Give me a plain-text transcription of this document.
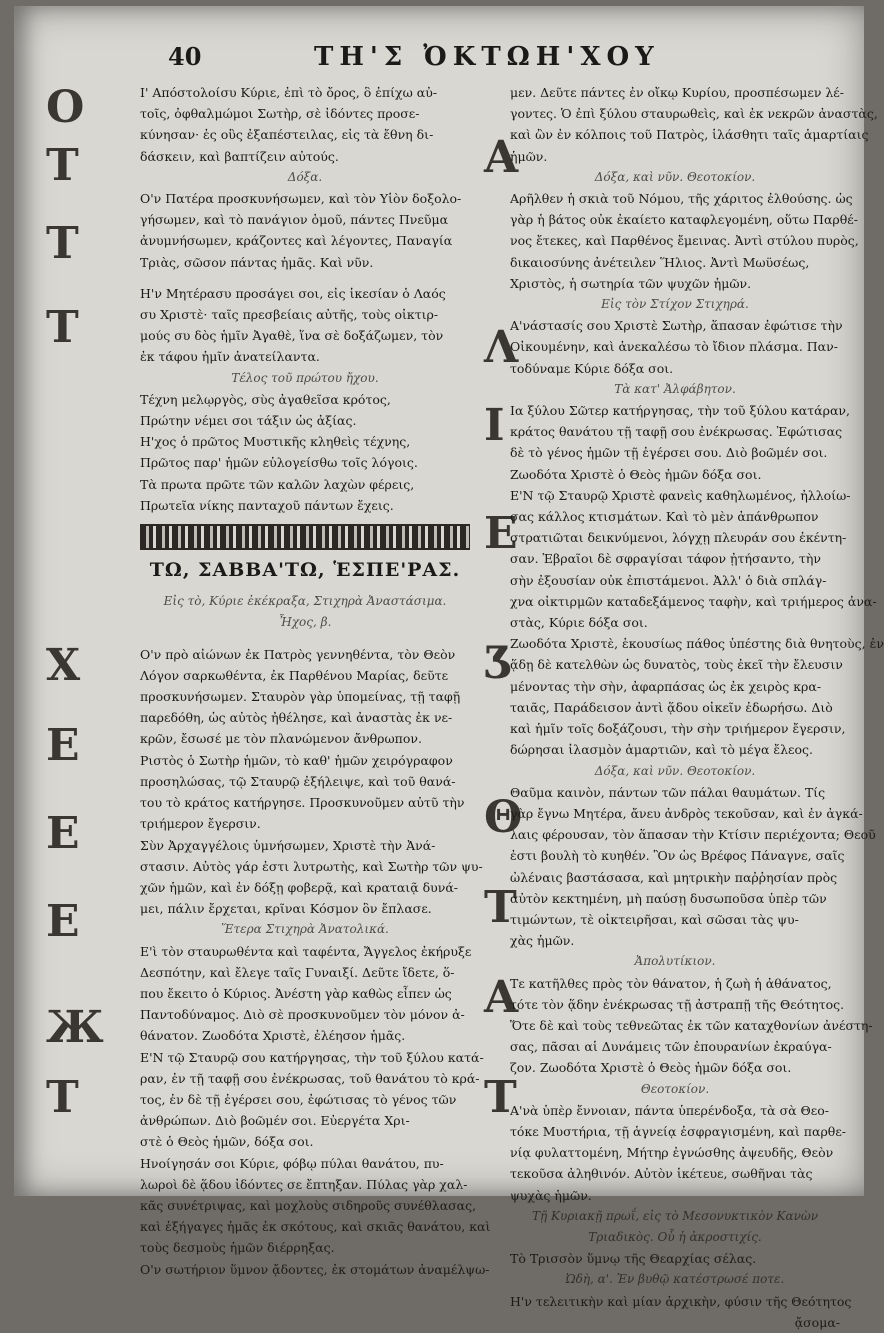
40	ΤΗ'Σ ὈΚΤΩΗ'ΧΟΥ
Ο
Τ
Τ
Τ
Χ
Ε
Ε
Ε
Ж
Τ
Α
Λ
Ι
Ε
Ʒ
Θ
Τ
Α
Τ
Ι' Απόστολοίσυ Κύριε, ἐπὶ τὸ ὄρος, ὃ ἐπίχω αὐ-
τοῖς, ὀφθαλμώμοι Σωτὴρ, σὲ ἰδόντες προσε-
κύνησαν· ἐς οὓς ἐξαπέστειλας, εἰς τὰ ἔθνη δι-
δάσκειν, καὶ βαπτίζειν αὐτούς.
Δόξα.
Ο'ν Πατέρα προσκυνήσωμεν, καὶ τὸν Υἱὸν δοξολο-
γήσωμεν, καὶ τὸ πανάγιον ὁμοῦ, πάντες Πνεῦμα
ἀνυμνήσωμεν, κράζοντες καὶ λέγοντες, Παναγία
Τριὰς, σῶσον πάντας ἡμᾶς. Καὶ νῦν.
Η'ν Μητέρασυ προσάγει σοι, εἰς ἱκεσίαν ὁ Λαός
συ Χριστὲ· ταῖς πρεσβείαις αὐτῆς, τοὺς οἰκτιρ-
μούς συ δὸς ἡμῖν Ἀγαθὲ, ἵνα σὲ δοξάζωμεν, τὸν
ἐκ τάφου ἡμῖν ἀνατείλαντα.
Τέλος τοῦ πρώτου ἤχου.
Τέχνη μελῳργὸς, σὺς ἀγαθεῖσα κρότος,
Πρώτην νέμει σοι τάξιν ὡς ἀξίας.
Η'χος ὁ πρῶτος Μυστικῆς κληθεὶς τέχνης,
Πρῶτος παρ' ἡμῶν εὐλογείσθω τοῖς λόγοις.
Τὰ πρωτα πρῶτε τῶν καλῶν λαχὼν φέρεις,
Πρωτεῖα νίκης πανταχοῦ πάντων ἔχεις.
ΤΩ, ΣΑΒΒΑ'ΤΩ, ἙΣΠΕ'ΡΑΣ.
Εἰς τὸ, Κύριε ἐκέκραξα, Στιχηρὰ Ἀναστάσιμα.
Ἦχος, β.
Ο'ν πρὸ αἰώνων ἐκ Πατρὸς γεννηθέντα, τὸν Θεὸν
Λόγον σαρκωθέντα, ἐκ Παρθένου Μαρίας, δεῦτε
προσκυνήσωμεν. Σταυρὸν γὰρ ὑπομείνας, τῇ ταφῇ
παρεδόθη, ὡς αὐτὸς ἠθέλησε, καὶ ἀναστὰς ἐκ νε-
κρῶν, ἔσωσέ με τὸν πλανώμενον ἄνθρωπον.
Ριστὸς ὁ Σωτὴρ ἡμῶν, τὸ καθ' ἡμῶν χειρόγραφον
προσηλώσας, τῷ Σταυρῷ ἐξήλειψε, καὶ τοῦ θανά-
του τὸ κράτος κατήργησε. Προσκυνοῦμεν αὐτῦ τὴν
τριήμερον ἔγερσιν.
Σὺν Ἀρχαγγέλοις ὑμνήσωμεν, Χριστὲ τὴν Ἀνά-
στασιν. Αὐτὸς γάρ ἐστι λυτρωτὴς, καὶ Σωτὴρ τῶν ψυ-
χῶν ἡμῶν, καὶ ἐν δόξῃ φοβερᾷ, καὶ κραταιᾷ δυνά-
μει, πάλιν ἔρχεται, κρῖναι Κόσμον ὃν ἔπλασε.
Ἕτερα Στιχηρὰ Ἀνατολικά.
Ε'ὶ τὸν σταυρωθέντα καὶ ταφέντα, Ἄγγελος ἐκήρυξε
Δεσπότην, καὶ ἔλεγε ταῖς Γυναιξί. Δεῦτε ἴδετε, ὅ-
που ἔκειτο ὁ Κύριος. Ἀνέστη γὰρ καθὼς εἶπεν ὡς
Παντοδύναμος. Διὸ σὲ προσκυνοῦμεν τὸν μόνον ἀ-
θάνατον. Ζωοδότα Χριστὲ, ἐλέησον ἡμᾶς.
Ε'Ν τῷ Σταυρῷ σου κατήργησας, τὴν τοῦ ξύλου κατά-
ραν, ἐν τῇ ταφῇ σου ἐνέκρωσας, τοῦ θανάτου τὸ κρά-
τος, ἐν δὲ τῇ ἐγέρσει σου, ἐφώτισας τὸ γένος τῶν
ἀνθρώπων. Διὸ βοῶμέν σοι. Εὐεργέτα Χρι-
στὲ ὁ Θεὸς ἡμῶν, δόξα σοι.
Ηνοίγησάν σοι Κύριε, φόβῳ πύλαι θανάτου, πυ-
λωροὶ δὲ ᾅδου ἰδόντες σε ἔπτηξαν. Πύλας γὰρ χαλ-
κᾶς συνέτριψας, καὶ μοχλοὺς σιδηροῦς συνέθλασας,
καὶ ἐξήγαγες ἡμᾶς ἐκ σκότους, καὶ σκιᾶς θανάτου, καὶ
τοὺς δεσμοὺς ἡμῶν διέρρηξας.
Ο'ν σωτήριον ὕμνον ᾄδοντες, ἐκ στομάτων ἀναμέλψω-
μεν. Δεῦτε πάντες ἐν οἴκῳ Κυρίου, προσπέσωμεν λέ-
γοντες. Ὁ ἐπὶ ξύλου σταυρωθεὶς, καὶ ἐκ νεκρῶν ἀναστὰς,
καὶ ὢν ἐν κόλποις τοῦ Πατρὸς, ἱλάσθητι ταῖς ἁμαρτίαις
ἡμῶν.
Δόξα, καὶ νῦν. Θεοτοκίον.
Αρῆλθεν ἡ σκιὰ τοῦ Νόμου, τῆς χάριτος ἐλθούσης. ὡς
γὰρ ἡ βάτος οὐκ ἐκαίετο καταφλεγομένη, οὕτω Παρθέ-
νος ἔτεκες, καὶ Παρθένος ἔμεινας. Ἀντὶ στύλου πυρὸς,
δικαιοσύνης ἀνέτειλεν Ἥλιος. Ἀντὶ Μωϋσέως,
Χριστὸς, ἡ σωτηρία τῶν ψυχῶν ἡμῶν.
Εἰς τὸν Στίχον Στιχηρά.
Α'νάστασίς σου Χριστὲ Σωτὴρ, ἅπασαν ἐφώτισε τὴν
Οἰκουμένην, καὶ ἀνεκαλέσω τὸ ἴδιον πλάσμα. Παν-
τοδύναμε Κύριε δόξα σοι.
Τὰ κατ' Ἀλφάβητον.
Ια ξύλου Σῶτερ κατήργησας, τὴν τοῦ ξύλου κατάραν,
κράτος θανάτου τῇ ταφῇ σου ἐνέκρωσας. Ἐφώτισας
δὲ τὸ γένος ἡμῶν τῇ ἐγέρσει σου. Διὸ βοῶμέν σοι.
Ζωοδότα Χριστὲ ὁ Θεὸς ἡμῶν δόξα σοι.
Ε'Ν τῷ Σταυρῷ Χριστὲ φανεὶς καθηλωμένος, ἠλλοίω-
σας κάλλος κτισμάτων. Καὶ τὸ μὲν ἀπάνθρωπον
στρατιῶται δεικνύμενοι, λόγχῃ πλευράν σου ἐκέντη-
σαν. Ἑβραῖοι δὲ σφραγίσαι τάφον ᾐτήσαντο, τὴν
σὴν ἐξουσίαν οὐκ ἐπιστάμενοι. Ἀλλ' ὁ διὰ σπλάγ-
χνα οἰκτιρμῶν καταδεξάμενος ταφὴν, καὶ τριήμερος ἀνα-
στὰς, Κύριε δόξα σοι.
Ζωοδότα Χριστὲ, ἑκουσίως πάθος ὑπέστης διὰ θνητοὺς, ἐν
ᾅδῃ δὲ κατελθὼν ὡς δυνατὸς, τοὺς ἐκεῖ τὴν ἔλευσιν
μένοντας τὴν σὴν, ἀφαρπάσας ὡς ἐκ χειρὸς κρα-
ταιᾶς, Παράδεισον ἀντὶ ᾅδου οἰκεῖν ἐδωρήσω. Διὸ
καὶ ἡμῖν τοῖς δοξάζουσι, τὴν σὴν τριήμερον ἔγερσιν,
δώρησαι ἱλασμὸν ἁμαρτιῶν, καὶ τὸ μέγα ἔλεος.
Δόξα, καὶ νῦν. Θεοτοκίον.
Θαῦμα καινὸν, πάντων τῶν πάλαι θαυμάτων. Τίς
γὰρ ἔγνω Μητέρα, ἄνευ ἀνδρὸς τεκοῦσαν, καὶ ἐν ἀγκά-
λαις φέρουσαν, τὸν ἅπασαν τὴν Κτίσιν περιέχοντα; Θεοῦ
ἐστι βουλὴ τὸ κυηθέν. Ὃν ὡς Βρέφος Πάναγνε, σαῖς
ὠλέναις βαστάσασα, καὶ μητρικὴν παῤῥησίαν πρὸς
αὐτὸν κεκτημένη, μὴ παύσῃ δυσωποῦσα ὑπὲρ τῶν
τιμώντων, τὲ οἰκτειρῆσαι, καὶ σῶσαι τὰς ψυ-
χὰς ἡμῶν.
Ἀπολυτίκιον.
Τε κατῆλθες πρὸς τὸν θάνατον, ἡ ζωὴ ἡ ἀθάνατος,
τότε τὸν ᾅδην ἐνέκρωσας τῇ ἀστραπῇ τῆς Θεότητος.
Ὅτε δὲ καὶ τοὺς τεθνεῶτας ἐκ τῶν καταχθονίων ἀνέστη-
σας, πᾶσαι αἱ Δυνάμεις τῶν ἐπουρανίων ἐκραύγα-
ζον. Ζωοδότα Χριστὲ ὁ Θεὸς ἡμῶν δόξα σοι.
Θεοτοκίον.
Α'νὰ ὑπὲρ ἔννοιαν, πάντα ὑπερένδοξα, τὰ σὰ Θεο-
τόκε Μυστήρια, τῇ ἁγνείᾳ ἐσφραγισμένη, καὶ παρθε-
νίᾳ φυλαττομένη, Μήτηρ ἐγνώσθης ἀψευδῆς, Θεὸν
τεκοῦσα ἀληθινόν. Αὐτὸν ἱκέτευε, σωθῆναι τὰς
ψυχὰς ἡμῶν.
Τῇ Κυριακῇ πρωΐ, εἰς τὸ Μεσονυκτικὸν Κανὼν
Τριαδικὸς. Οὗ ἡ ἀκροστιχίς.
Τὸ Τρισσὸν ὕμνῳ τῆς Θεαρχίας σέλας.
Ὠδὴ, α'. Ἐν βυθῷ κατέστρωσέ ποτε.
Η'ν τελειτικὴν καὶ μίαν ἀρχικὴν, φύσιν τῆς Θεότητος
ᾄσομα-
